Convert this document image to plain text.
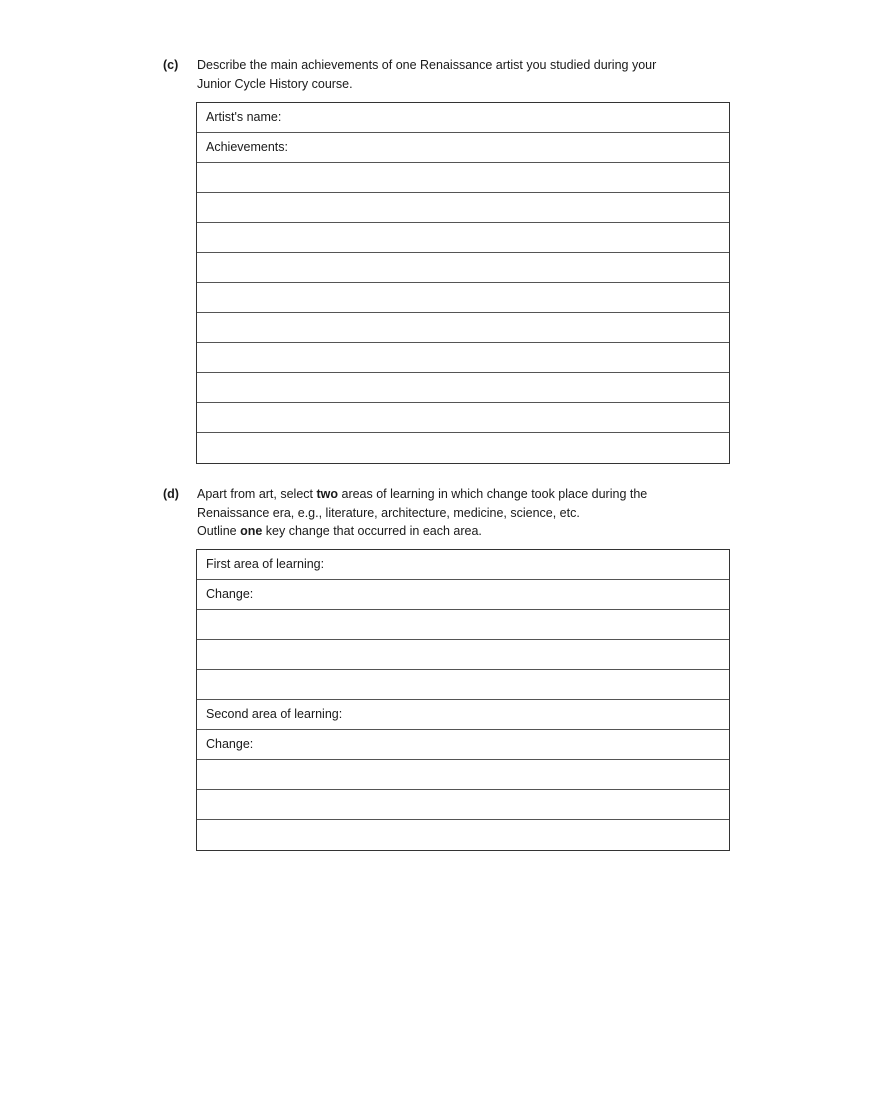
(c) Describe the main achievements of one Renaissance artist you studied during your
Junior Cycle History course.
Artist's name:
Achievements:
(d) Apart from art, select two areas of learning in which change took place during the
Renaissance era, e.g., literature, architecture, medicine, science, etc.
Outline one key change that occurred in each area.
First area of learning:
Change:
Second area of learning:
Change:
